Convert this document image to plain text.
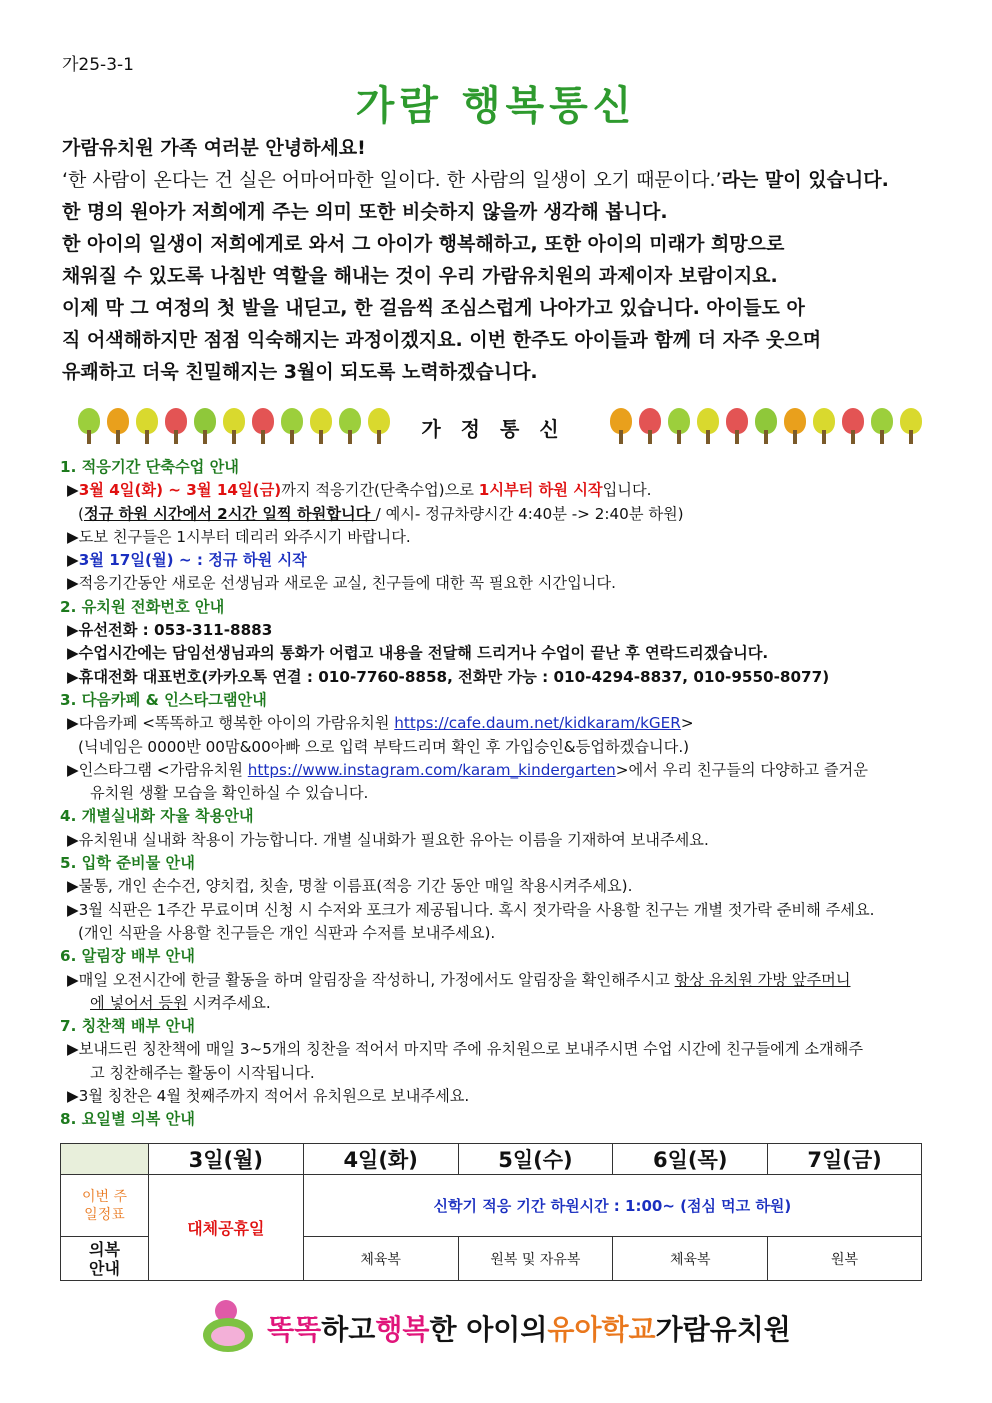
가25-3-1
가람 행복통신
가람유치원 가족 여러분 안녕하세요!
‘한 사람이 온다는 건 실은 어마어마한 일이다. 한 사람의 일생이 오기 때문이다.’라는 말이 있습니다.
한 명의 원아가 저희에게 주는 의미 또한 비슷하지 않을까 생각해 봅니다.
한 아이의 일생이 저희에게로 와서 그 아이가 행복해하고, 또한 아이의 미래가 희망으로
채워질 수 있도록 나침반 역할을 해내는 것이 우리 가람유치원의 과제이자 보람이지요.
이제 막 그 여정의 첫 발을 내딛고, 한 걸음씩 조심스럽게 나아가고 있습니다. 아이들도 아
직 어색해하지만 점점 익숙해지는 과정이겠지요. 이번 한주도 아이들과 함께 더 자주 웃으며
유쾌하고 더욱 친밀해지는 3월이 되도록 노력하겠습니다.
가정통신
1. 적응기간 단축수업 안내
▶3월 4일(화) ~ 3월 14일(금)까지 적응기간(단축수업)으로 1시부터 하원 시작입니다.
(정규 하원 시간에서 2시간 일찍 하원합니다 / 예시- 정규차량시간 4:40분 -> 2:40분 하원)
▶도보 친구들은 1시부터 데리러 와주시기 바랍니다.
▶3월 17일(월) ~ : 정규 하원 시작
▶적응기간동안 새로운 선생님과 새로운 교실, 친구들에 대한 꼭 필요한 시간입니다.
2. 유치원 전화번호 안내
▶유선전화 : 053-311-8883
▶수업시간에는 담임선생님과의 통화가 어렵고 내용을 전달해 드리거나 수업이 끝난 후 연락드리겠습니다.
▶휴대전화 대표번호(카카오톡 연결 : 010-7760-8858, 전화만 가능 : 010-4294-8837, 010-9550-8077)
3. 다음카페 & 인스타그램안내
▶다음카페 <똑똑하고 행복한 아이의 가람유치원 https://cafe.daum.net/kidkaram/kGER>
(닉네임은 0000반 00맘&00아빠 으로 입력 부탁드리며 확인 후 가입승인&등업하겠습니다.)
▶인스타그램 <가람유치원 https://www.instagram.com/karam_kindergarten>에서 우리 친구들의 다양하고 즐거운
유치원 생활 모습을 확인하실 수 있습니다.
4. 개별실내화 자율 착용안내
▶유치원내 실내화 착용이 가능합니다. 개별 실내화가 필요한 유아는 이름을 기재하여 보내주세요.
5. 입학 준비물 안내
▶물통, 개인 손수건, 양치컵, 칫솔, 명찰 이름표(적응 기간 동안 매일 착용시켜주세요).
▶3월 식판은 1주간 무료이며 신청 시 수저와 포크가 제공됩니다. 혹시 젓가락을 사용할 친구는 개별 젓가락 준비해 주세요.
(개인 식판을 사용할 친구들은 개인 식판과 수저를 보내주세요).
6. 알림장 배부 안내
▶매일 오전시간에 한글 활동을 하며 알림장을 작성하니, 가정에서도 알림장을 확인해주시고 항상 유치원 가방 앞주머니
에 넣어서 등원 시켜주세요.
7. 칭찬책 배부 안내
▶보내드린 칭찬책에 매일 3~5개의 칭찬을 적어서 마지막 주에 유치원으로 보내주시면 수업 시간에 친구들에게 소개해주
고 칭찬해주는 활동이 시작됩니다.
▶3월 칭찬은 4월 첫째주까지 적어서 유치원으로 보내주세요.
8. 요일별 의복 안내
	3일(월)	4일(화)	5일(수)	6일(목)	7일(금)
이번 주 일정표	대체공휴일	신학기 적응 기간 하원시간 : 1:00~ (점심 먹고 하원)			
의복 안내		체육복	원복 및 자유복	체육복	원복
똑똑 하고 행복 한 아이의 유아학교 가람유치원
